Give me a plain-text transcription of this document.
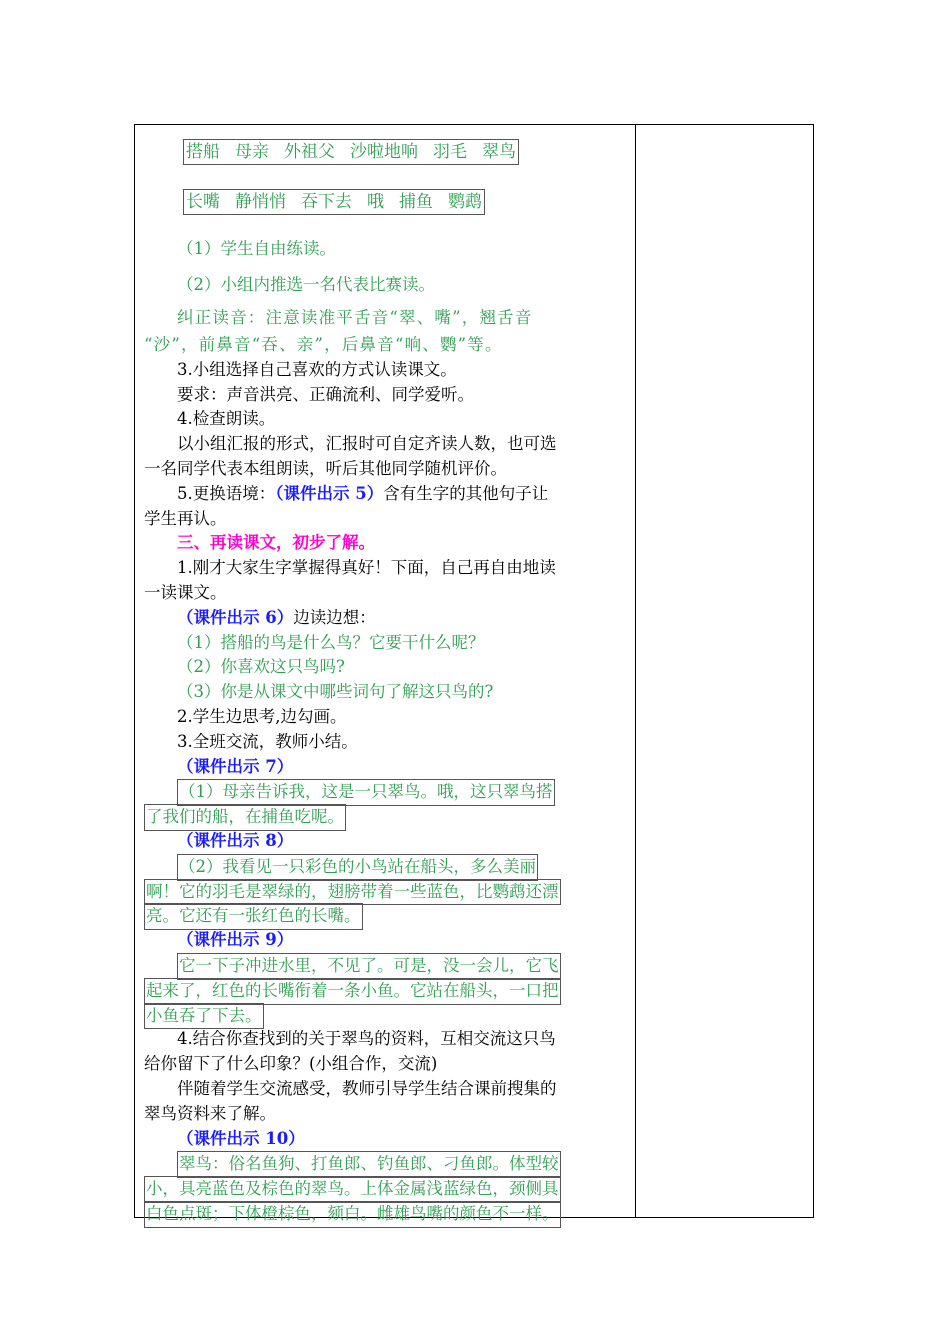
搭船 母亲 外祖父 沙啦地响 羽毛 翠鸟
长嘴 静悄悄 吞下去 哦 捕鱼 鹦鹉
（1）学生自由练读。
（2）小组内推选一名代表比赛读。
纠正读音：注意读准平舌音“翠、嘴”，翘舌音
“沙”，前鼻音“吞、亲”，后鼻音“响、鹦”等。
3.小组选择自己喜欢的方式认读课文。
要求：声音洪亮、正确流利、同学爱听。
4.检查朗读。
以小组汇报的形式，汇报时可自定齐读人数，也可选
一名同学代表本组朗读，听后其他同学随机评价。
5.更换语境：（课件出示 5）含有生字的其他句子让
学生再认。
三、再读课文，初步了解。
1.刚才大家生字掌握得真好！下面，自己再自由地读
一读课文。
（课件出示 6）边读边想：
（1）搭船的鸟是什么鸟？它要干什么呢？
（2）你喜欢这只鸟吗?
（3）你是从课文中哪些词句了解这只鸟的?
2.学生边思考,边勾画。
3.全班交流，教师小结。
（课件出示 7）
（1）母亲告诉我，这是一只翠鸟。哦，这只翠鸟搭
了我们的船，在捕鱼吃呢。
（课件出示 8）
（2）我看见一只彩色的小鸟站在船头，多么美丽
啊！它的羽毛是翠绿的，翅膀带着一些蓝色，比鹦鹉还漂
亮。它还有一张红色的长嘴。
（课件出示 9）
它一下子冲进水里，不见了。可是，没一会儿，它飞
起来了，红色的长嘴衔着一条小鱼。它站在船头，一口把
小鱼吞了下去。
4.结合你查找到的关于翠鸟的资料，互相交流这只鸟
给你留下了什么印象？(小组合作，交流)
伴随着学生交流感受，教师引导学生结合课前搜集的
翠鸟资料来了解。
（课件出示 10）
翠鸟：俗名鱼狗、打鱼郎、钓鱼郎、刁鱼郎。体型较
小，具亮蓝色及棕色的翠鸟。上体金属浅蓝绿色，颈侧具
白色点斑；下体橙棕色，颏白。雌雄鸟嘴的颜色不一样。
